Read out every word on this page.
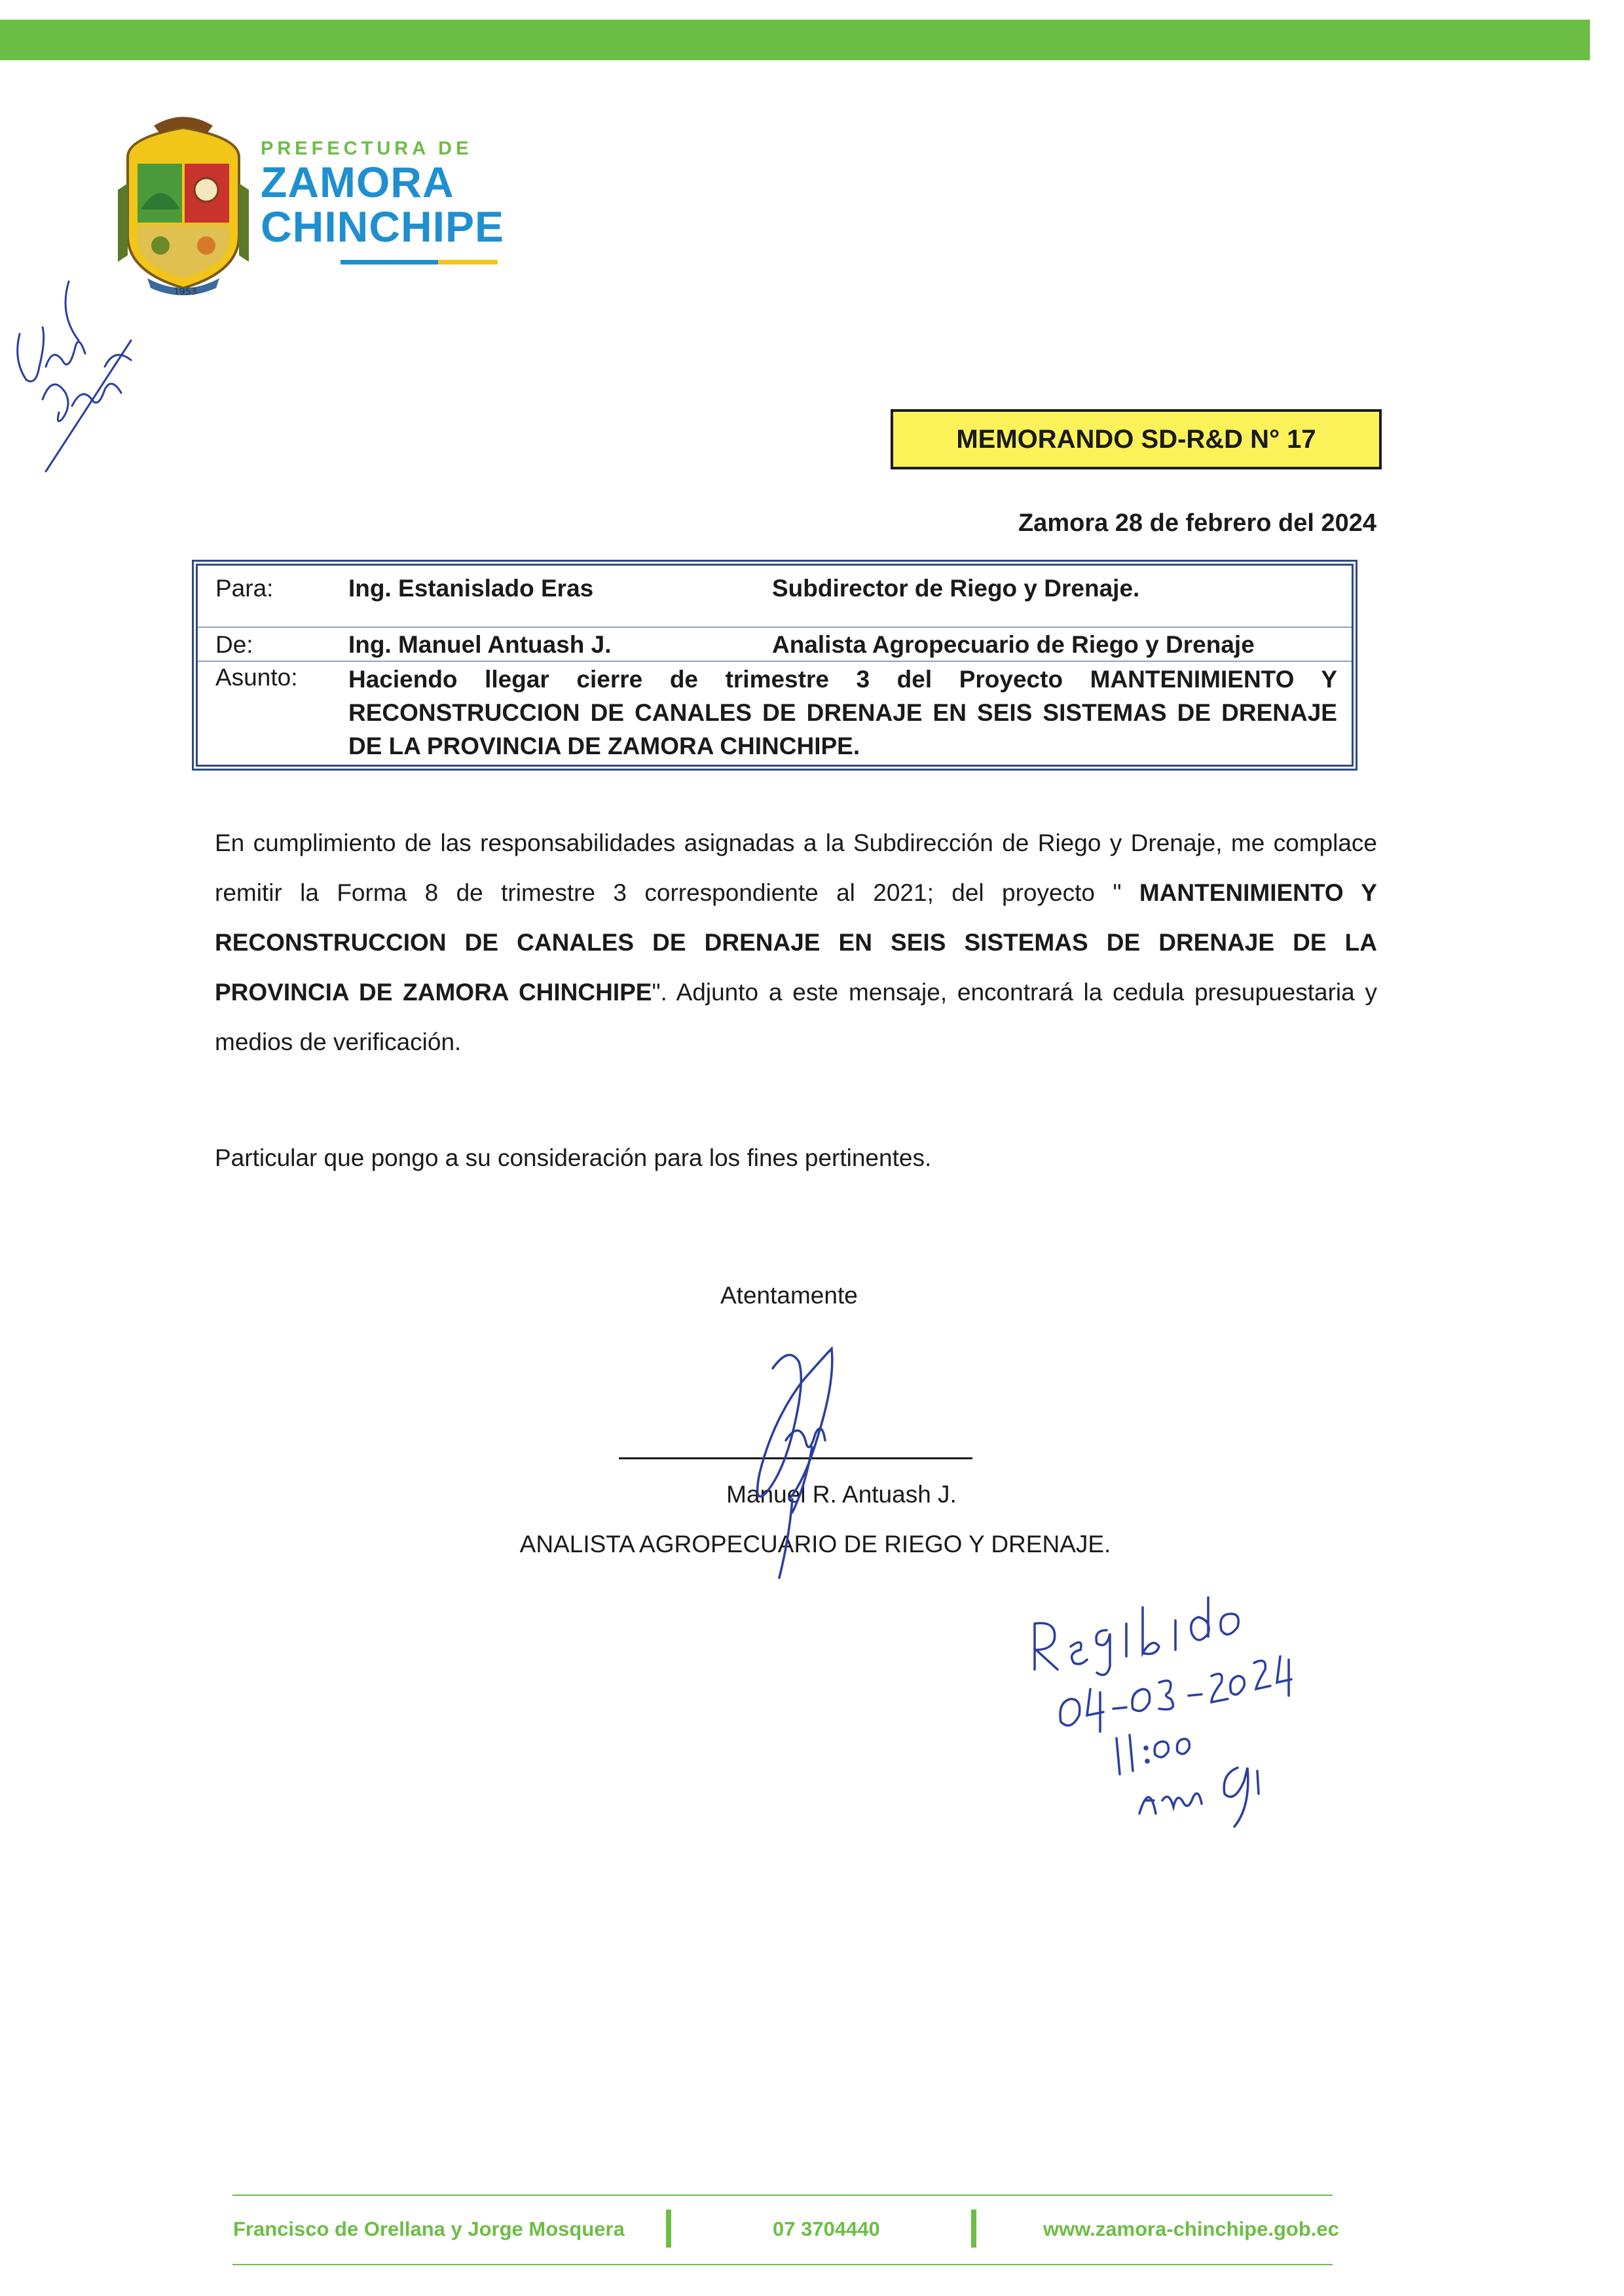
1953
PREFECTURA DE
ZAMORA
CHINCHIPE
MEMORANDO SD-R&D N° 17
Zamora 28 de febrero del 2024
Para:	Ing. Estanislado Eras	Subdirector de Riego y Drenaje.
De:	Ing. Manuel Antuash J.	Analista Agropecuario de Riego y Drenaje
Asunto: Haciendo llegar cierre de trimestre 3 del Proyecto MANTENIMIENTO Y RECONSTRUCCION DE CANALES DE DRENAJE EN SEIS SISTEMAS DE DRENAJE DE LA PROVINCIA DE ZAMORA CHINCHIPE.
En cumplimiento de las responsabilidades asignadas a la Subdirección de Riego y Drenaje, me complace remitir la Forma 8 de trimestre 3 correspondiente al 2021; del proyecto " MANTENIMIENTO Y RECONSTRUCCION DE CANALES DE DRENAJE EN SEIS SISTEMAS DE DRENAJE DE LA PROVINCIA DE ZAMORA CHINCHIPE". Adjunto a este mensaje, encontrará la cedula presupuestaria y medios de verificación.
Particular que pongo a su consideración para los fines pertinentes.
Atentamente
Manuel R. Antuash J.
ANALISTA AGROPECUARIO DE RIEGO Y DRENAJE.
Francisco de Orellana y Jorge Mosquera	07 3704440	www.zamora-chinchipe.gob.ec
